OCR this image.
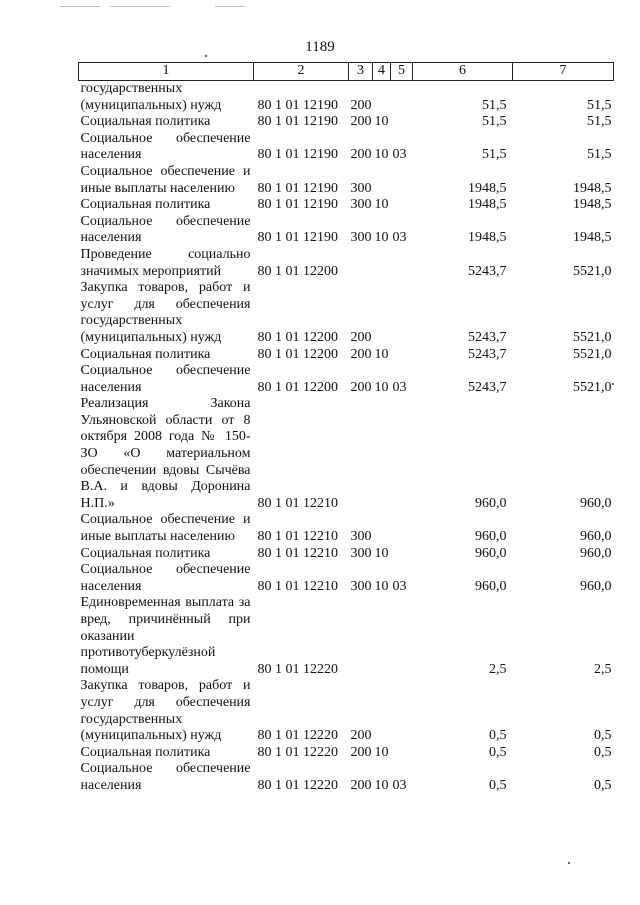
1189
1	2	3	4	5	6	7
государственных (муниципальных) нужд	80 1 01 12190	200			51,5	51,5
Социальная политика	80 1 01 12190	200	10		51,5	51,5
Социальное обеспечение населения	80 1 01 12190	200	10	03	51,5	51,5
Социальное обеспечение и иные выплаты населению	80 1 01 12190	300			1948,5	1948,5
Социальная политика	80 1 01 12190	300	10		1948,5	1948,5
Социальное обеспечение населения	80 1 01 12190	300	10	03	1948,5	1948,5
Проведение социально значимых мероприятий	80 1 01 12200				5243,7	5521,0
Закупка товаров, работ и услуг для обеспечения государственных (муниципальных) нужд	80 1 01 12200	200			5243,7	5521,0
Социальная политика	80 1 01 12200	200	10		5243,7	5521,0
Социальное обеспечение населения	80 1 01 12200	200	10	03	5243,7	5521,0
Реализация Закона Ульяновской области от 8 октября 2008 года № 150-ЗО «О материальном обеспечении вдовы Сычёва В.А. и вдовы Доронина Н.П.»	80 1 01 12210				960,0	960,0
Социальное обеспечение и иные выплаты населению	80 1 01 12210	300			960,0	960,0
Социальная политика	80 1 01 12210	300	10		960,0	960,0
Социальное обеспечение населения	80 1 01 12210	300	10	03	960,0	960,0
Единовременная выплата за вред, причинённый при оказании противотуберкулёзной помощи	80 1 01 12220				2,5	2,5
Закупка товаров, работ и услуг для обеспечения государственных (муниципальных) нужд	80 1 01 12220	200			0,5	0,5
Социальная политика	80 1 01 12220	200	10		0,5	0,5
Социальное обеспечение населения	80 1 01 12220	200	10	03	0,5	0,5
